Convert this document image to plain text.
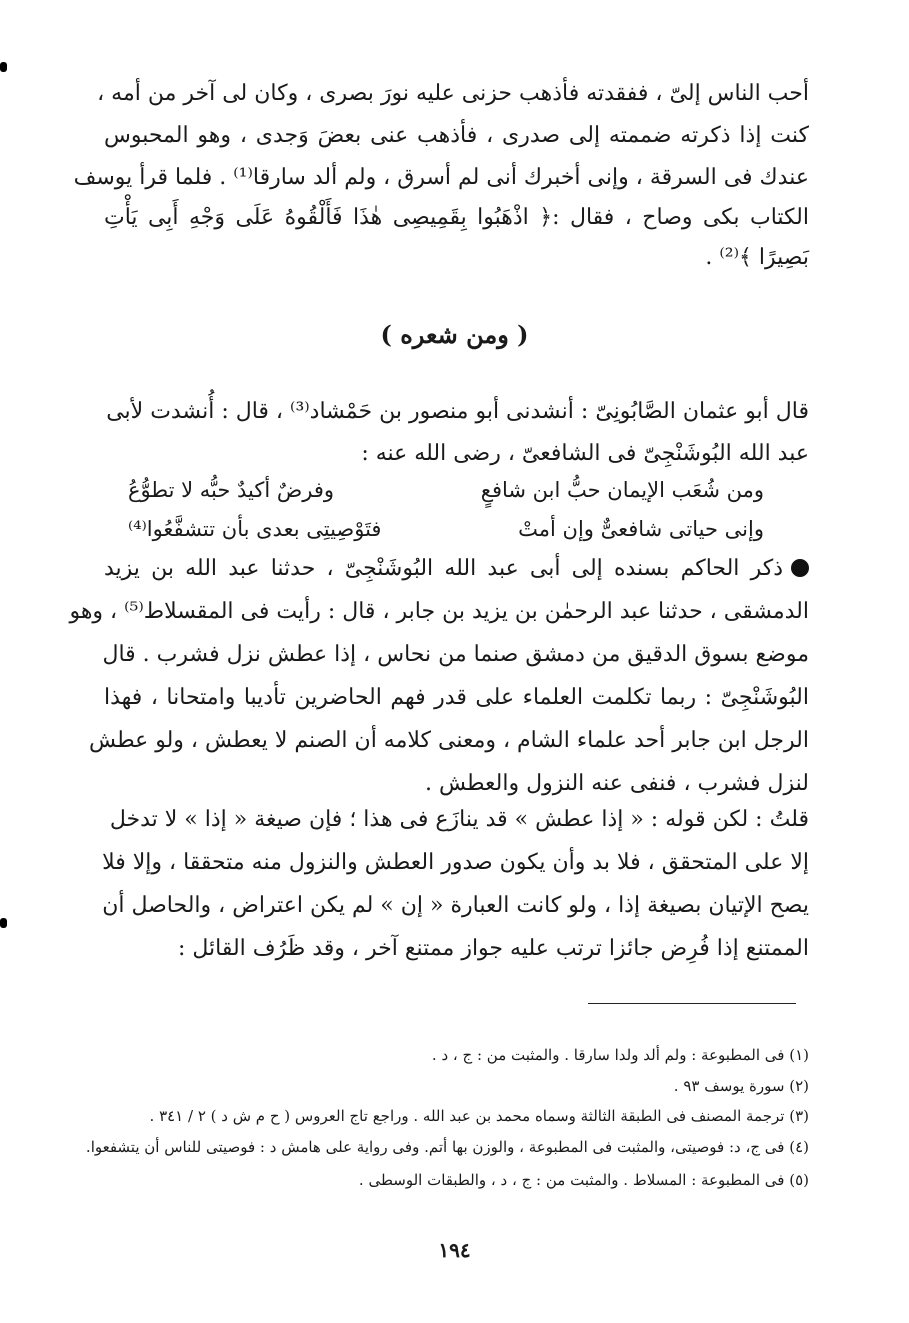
أحب الناس إلىّ ، ففقدته فأذهب حزنى عليه نورَ بصرى ، وكان لى آخر من أمه ،
كنت إذا ذكرته ضممته إلى صدرى ، فأذهب عنى بعضَ وَجدى ، وهو المحبوس
عندك فى السرقة ، وإنى أخبرك أنى لم أسرق ، ولم ألد سارقا⁽¹⁾ . فلما قرأ يوسف
الكتاب بكى وصاح ، فقال :﴿ اذْهَبُوا بِقَمِيصِى هٰذَا فَأَلْقُوهُ عَلَى وَجْهِ أَبِى يَأْتِ
بَصِيرًا ﴾⁽²⁾ .
( ومن شعره )
قال أبو عثمان الصَّابُونِىّ : أنشدنى أبو منصور بن حَمْشاد⁽³⁾ ، قال : أُنشدت لأبى
عبد الله البُوشَنْجِىّ فى الشافعىّ ، رضى الله عنه :
ومن شُعَب الإيمان حبُّ ابن شافعٍ
وفرضٌ أكيدٌ حبُّه لا تطوُّعُ
وإنى حياتى شافعىٌّ وإن أمتْ
فتَوْصِيتِى بعدى بأن تتشفَّعُوا⁽⁴⁾
ذكر الحاكم بسنده إلى أبى عبد الله البُوشَنْجِىّ ، حدثنا عبد الله بن يزيد
الدمشقى ، حدثنا عبد الرحمٰن بن يزيد بن جابر ، قال : رأيت فى المقسلاط⁽⁵⁾ ، وهو
موضع بسوق الدقيق من دمشق صنما من نحاس ، إذا عطش نزل فشرب . قال
البُوشَنْجِىّ : ربما تكلمت العلماء على قدر فهم الحاضرين تأديبا وامتحانا ، فهذا
الرجل ابن جابر أحد علماء الشام ، ومعنى كلامه أن الصنم لا يعطش ، ولو عطش
لنزل فشرب ، فنفى عنه النزول والعطش .
قلتُ : لكن قوله : « إذا عطش » قد ينازَع فى هذا ؛ فإن صيغة « إذا » لا تدخل
إلا على المتحقق ، فلا بد وأن يكون صدور العطش والنزول منه متحققا ، وإلا فلا
يصح الإتيان بصيغة إذا ، ولو كانت العبارة « إن » لم يكن اعتراض ، والحاصل أن
الممتنع إذا فُرِض جائزا ترتب عليه جواز ممتنع آخر ، وقد ظَرُف القائل :
(١) فى المطبوعة : ولم ألد ولدا سارقا . والمثبت من : ج ، د .
(٢) سورة يوسف ٩٣ .
(٣) ترجمة المصنف فى الطبقة الثالثة وسماه محمد بن عبد الله . وراجع تاج العروس ( ح م ش د ) ٢ / ٣٤١ .
(٤) فى ج، د: فوصيتى، والمثبت فى المطبوعة ، والوزن بها أتم. وفى رواية على هامش د : فوصيتى للناس أن يتشفعوا.
(٥) فى المطبوعة : المسلاط . والمثبت من : ج ، د ، والطبقات الوسطى .
١٩٤
